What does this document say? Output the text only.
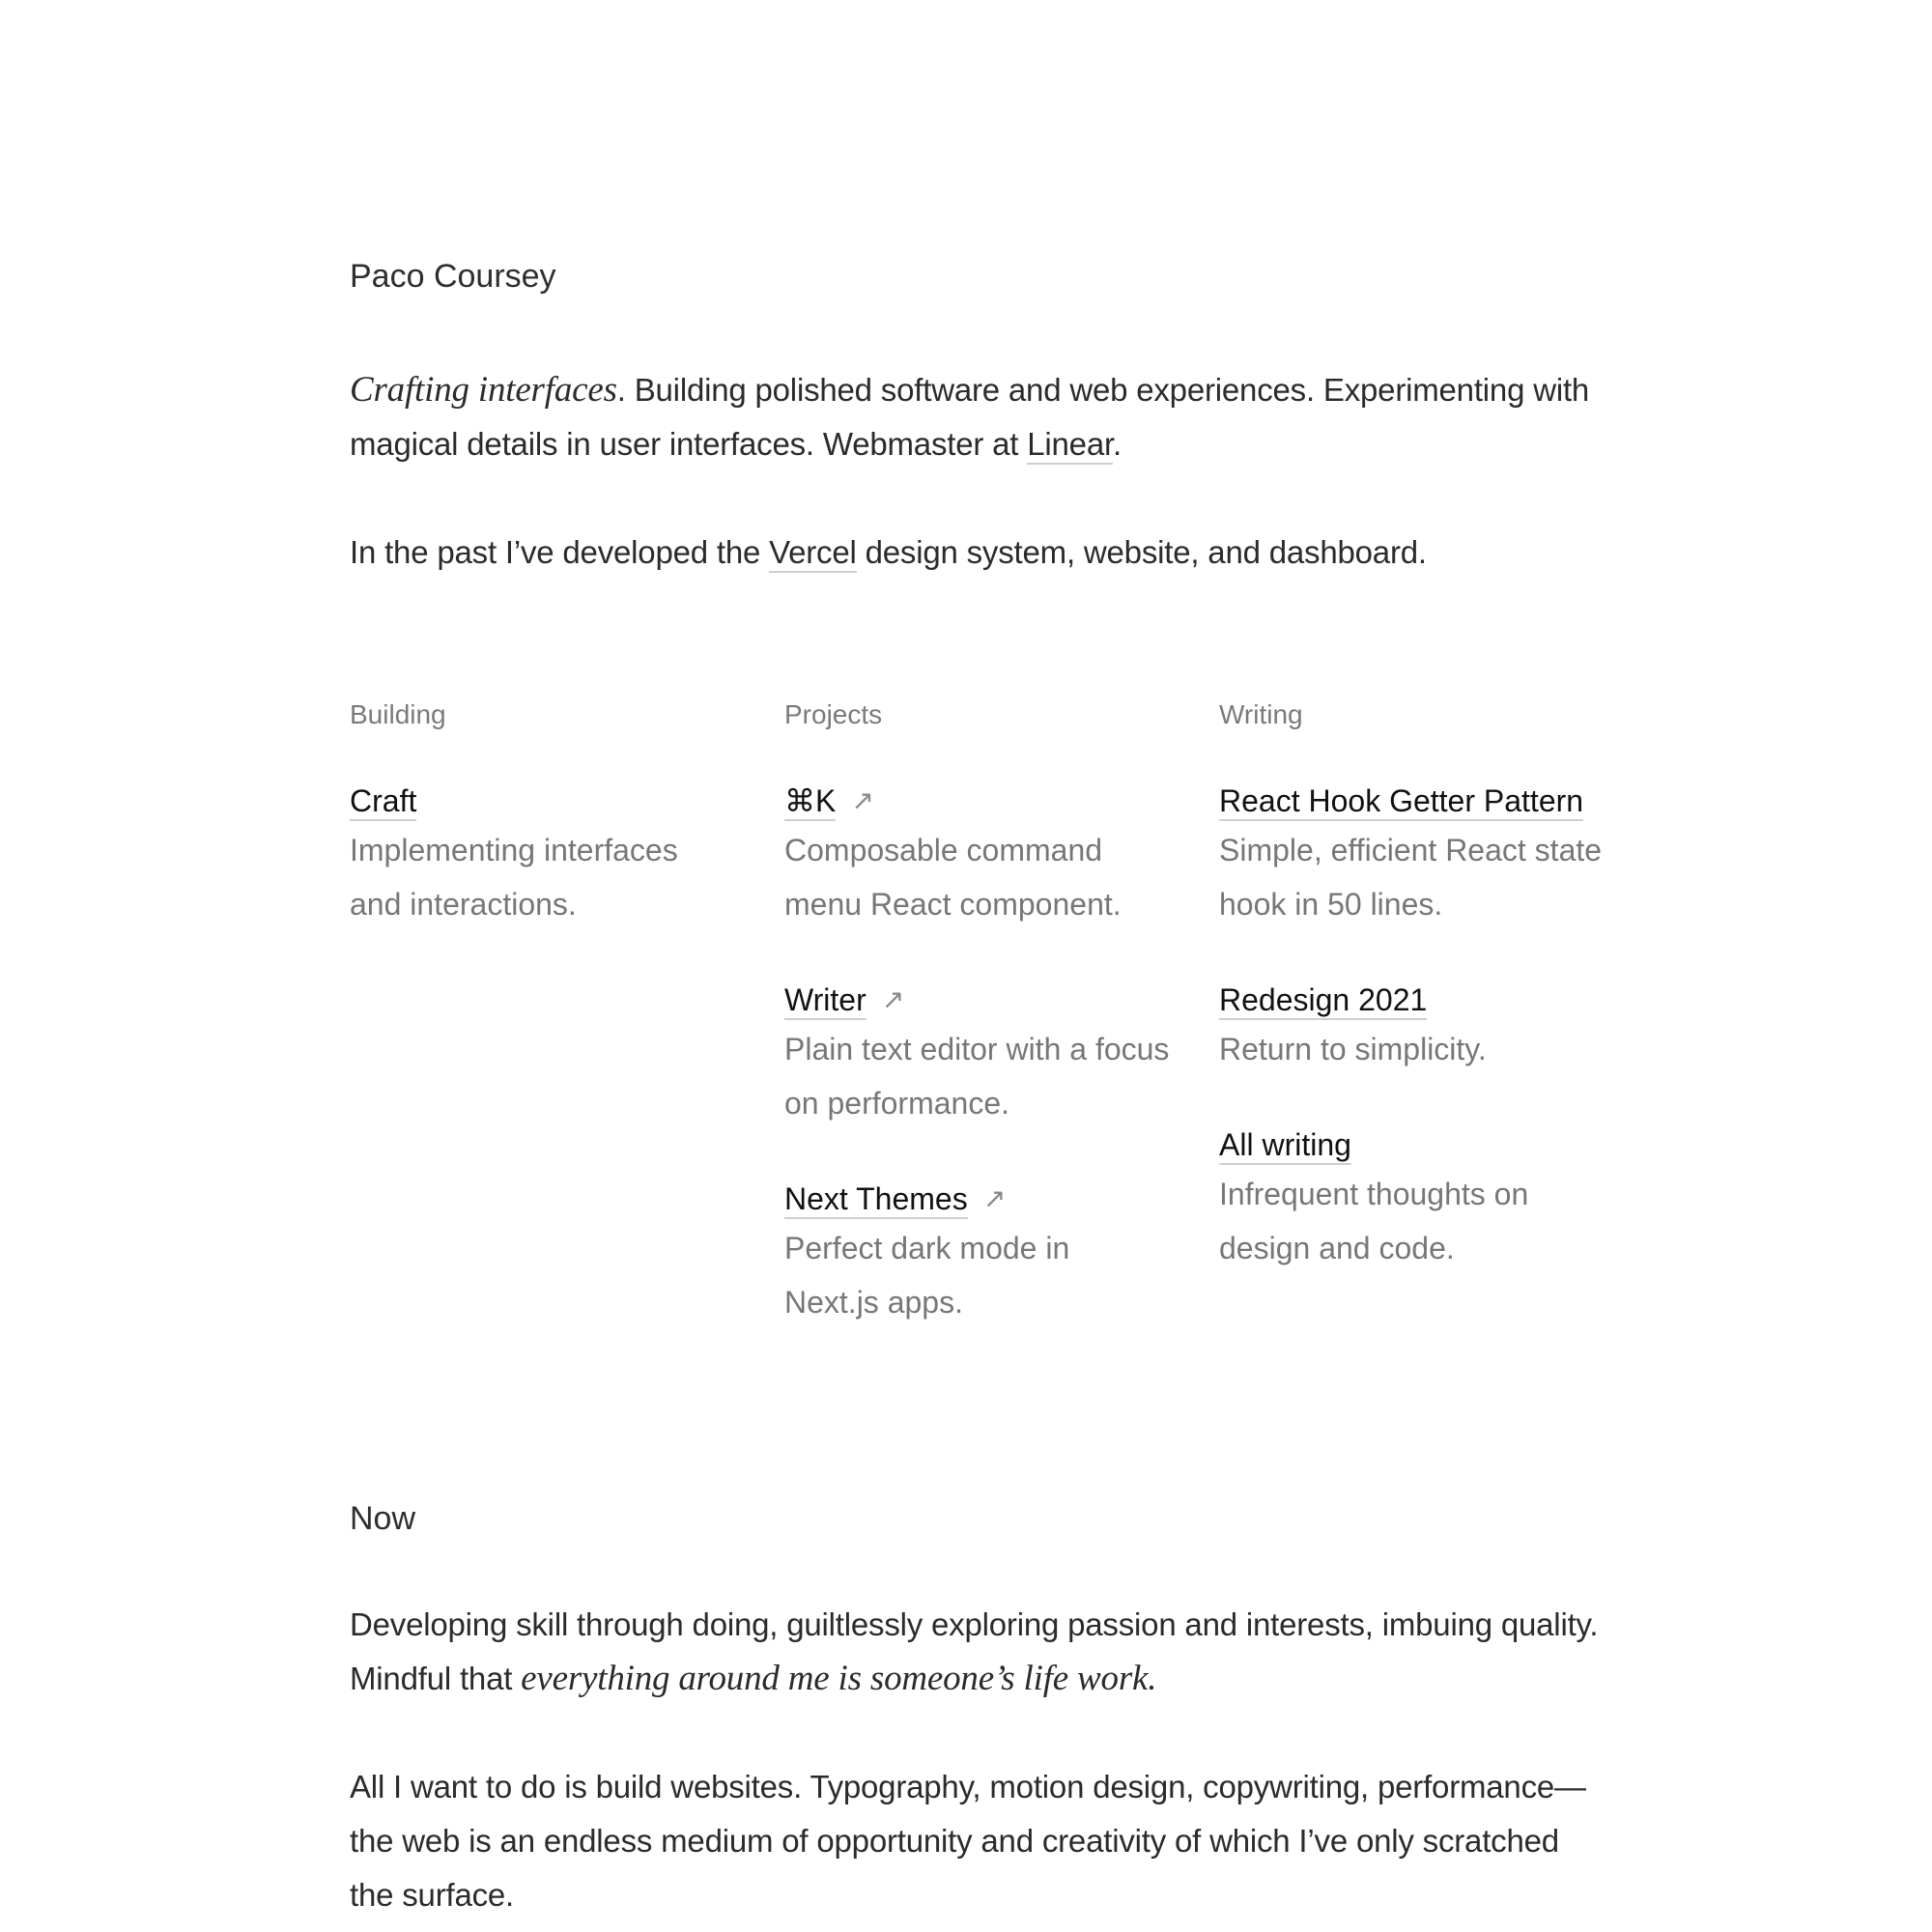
Paco Coursey

Crafting interfaces. Building polished software and web experiences. Experimenting with magical details in user interfaces. Webmaster at Linear.

In the past I’ve developed the Vercel design system, website, and dashboard.

Building

Craft

Implementing interfaces and interactions.

Projects

⌘K ↗

Composable command menu React component.

Writer ↗

Plain text editor with a focus on performance.

Next Themes ↗

Perfect dark mode in Next.js apps.

Writing

React Hook Getter Pattern

Simple, efficient React state hook in 50 lines.

Redesign 2021

Return to simplicity.

All writing

Infrequent thoughts on design and code.

Now

Developing skill through doing, guiltlessly exploring passion and interests, imbuing quality. Mindful that everything around me is someone’s life work.

All I want to do is build websites. Typography, motion design, copywriting, performance—the web is an endless medium of opportunity and creativity of which I’ve only scratched the surface.
